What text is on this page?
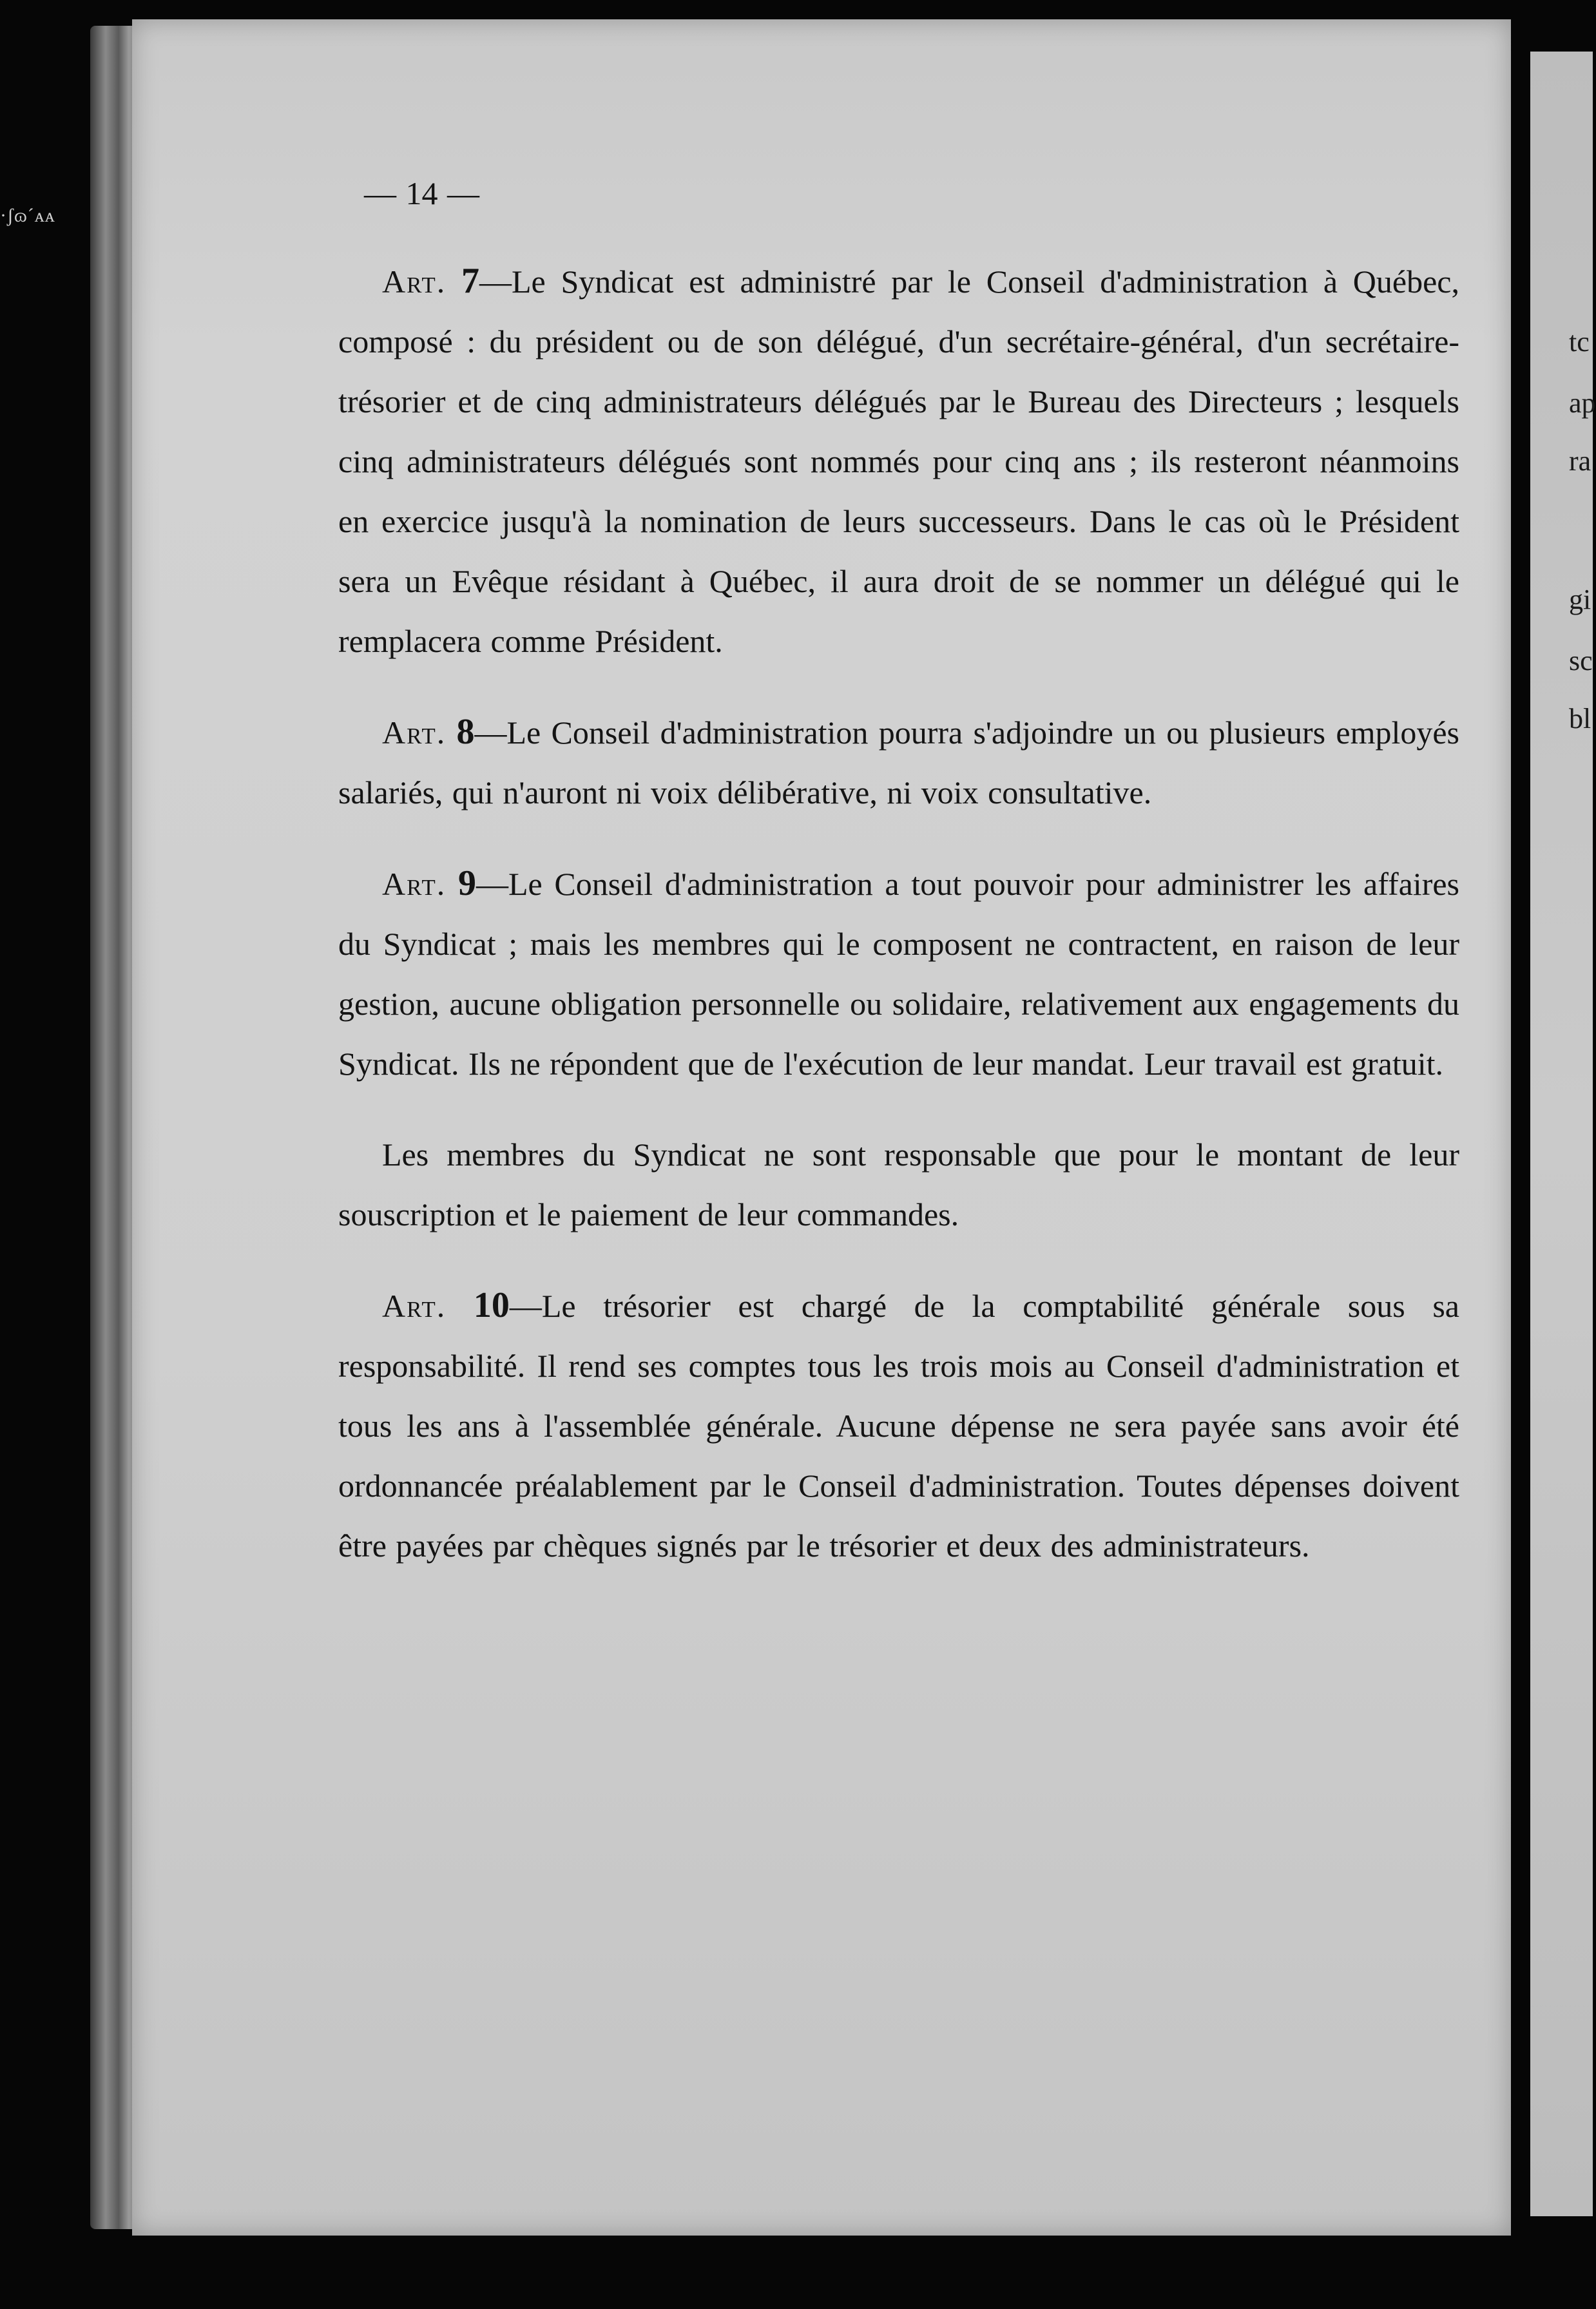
tc
ap
ra
gi
sc
bl
·ʃɷ´ᴀᴀ
— 14 —

Art. 7—Le Syndicat est administré par le Conseil d'administration à Québec, composé : du président ou de son délégué, d'un secrétaire-général, d'un secrétaire-trésorier et de cinq administrateurs délégués par le Bureau des Directeurs ; lesquels cinq administrateurs délégués sont nommés pour cinq ans ; ils resteront néanmoins en exercice jusqu'à la nomination de leurs successeurs. Dans le cas où le Président sera un Evêque résidant à Québec, il aura droit de se nommer un délégué qui le remplacera comme Président.

Art. 8—Le Conseil d'administration pourra s'adjoindre un ou plusieurs employés salariés, qui n'auront ni voix délibérative, ni voix consultative.

Art. 9—Le Conseil d'administration a tout pouvoir pour administrer les affaires du Syndicat ; mais les membres qui le composent ne contractent, en raison de leur gestion, aucune obligation personnelle ou solidaire, relativement aux engagements du Syndicat. Ils ne répondent que de l'exécution de leur mandat. Leur travail est gratuit.

Les membres du Syndicat ne sont responsable que pour le montant de leur souscription et le paiement de leur commandes.

Art. 10—Le trésorier est chargé de la comptabilité générale sous sa responsabilité. Il rend ses comptes tous les trois mois au Conseil d'administration et tous les ans à l'assemblée générale. Aucune dépense ne sera payée sans avoir été ordonnancée préalablement par le Conseil d'administration. Toutes dépenses doivent être payées par chèques signés par le trésorier et deux des administrateurs.
